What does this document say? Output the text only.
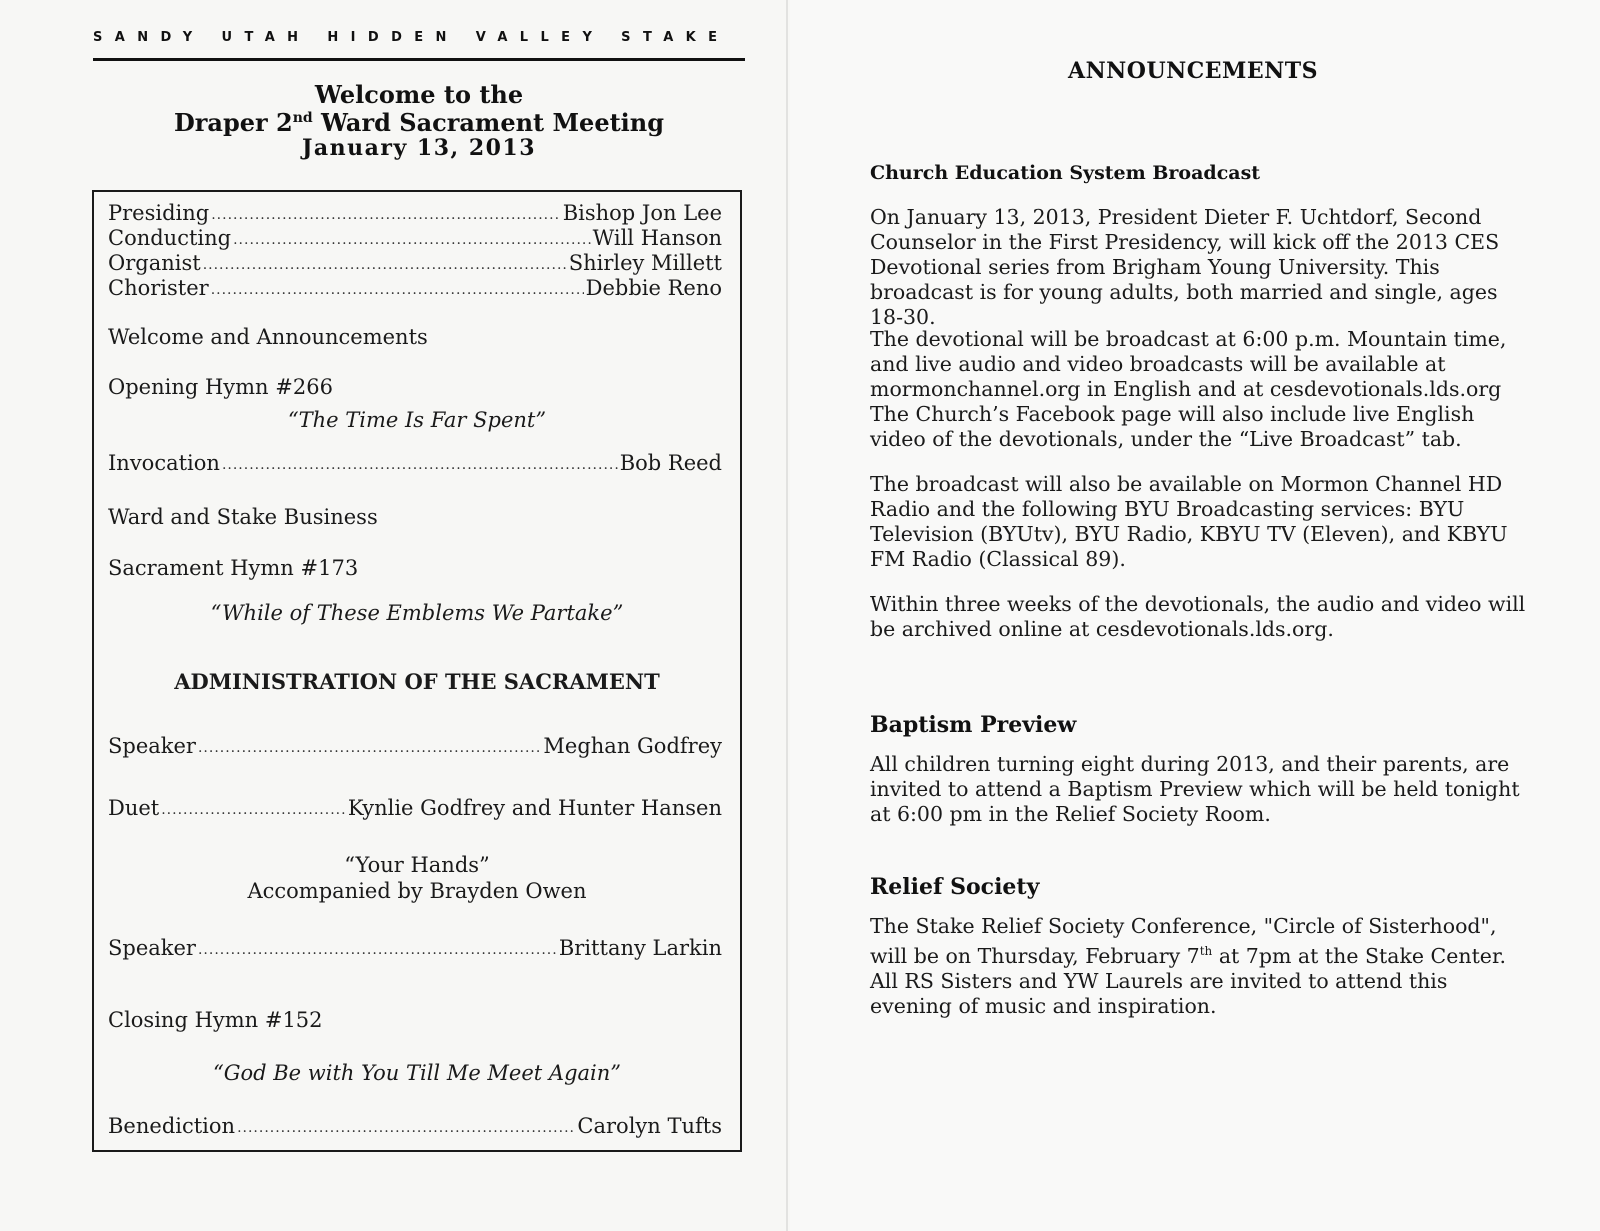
SANDY UTAH HIDDEN VALLEY STAKE
Welcome to the
Draper 2nd Ward Sacrament Meeting
January 13, 2013
Presiding .....	Bishop Jon Lee
Conducting .....	Will Hanson
Organist .....	Shirley Millett
Chorister .....	Debbie Reno
Welcome and Announcements
Opening Hymn #266
“The Time Is Far Spent”
Invocation .....	Bob Reed
Ward and Stake Business
Sacrament Hymn #173
“While of These Emblems We Partake”
ADMINISTRATION OF THE SACRAMENT
Speaker .....	Meghan Godfrey
Duet .....	Kynlie Godfrey and Hunter Hansen
“Your Hands”
Accompanied by Brayden Owen
Speaker .....	Brittany Larkin
Closing Hymn #152
“God Be with You Till Me Meet Again”
Benediction .....	Carolyn Tufts
ANNOUNCEMENTS
Church Education System Broadcast
On January 13, 2013, President Dieter F. Uchtdorf, Second Counselor in the First Presidency, will kick off the 2013 CES Devotional series from Brigham Young University. This broadcast is for young adults, both married and single, ages 18-30.
The devotional will be broadcast at 6:00 p.m. Mountain time, and live audio and video broadcasts will be available at mormonchannel.org in English and at cesdevotionals.lds.org The Church’s Facebook page will also include live English video of the devotionals, under the “Live Broadcast” tab.
The broadcast will also be available on Mormon Channel HD Radio and the following BYU Broadcasting services: BYU Television (BYUtv), BYU Radio, KBYU TV (Eleven), and KBYU FM Radio (Classical 89).
Within three weeks of the devotionals, the audio and video will be archived online at cesdevotionals.lds.org.
Baptism Preview
All children turning eight during 2013, and their parents, are invited to attend a Baptism Preview which will be held tonight at 6:00 pm in the Relief Society Room.
Relief Society
The Stake Relief Society Conference, "Circle of Sisterhood", will be on Thursday, February 7th at 7pm at the Stake Center. All RS Sisters and YW Laurels are invited to attend this evening of music and inspiration.
